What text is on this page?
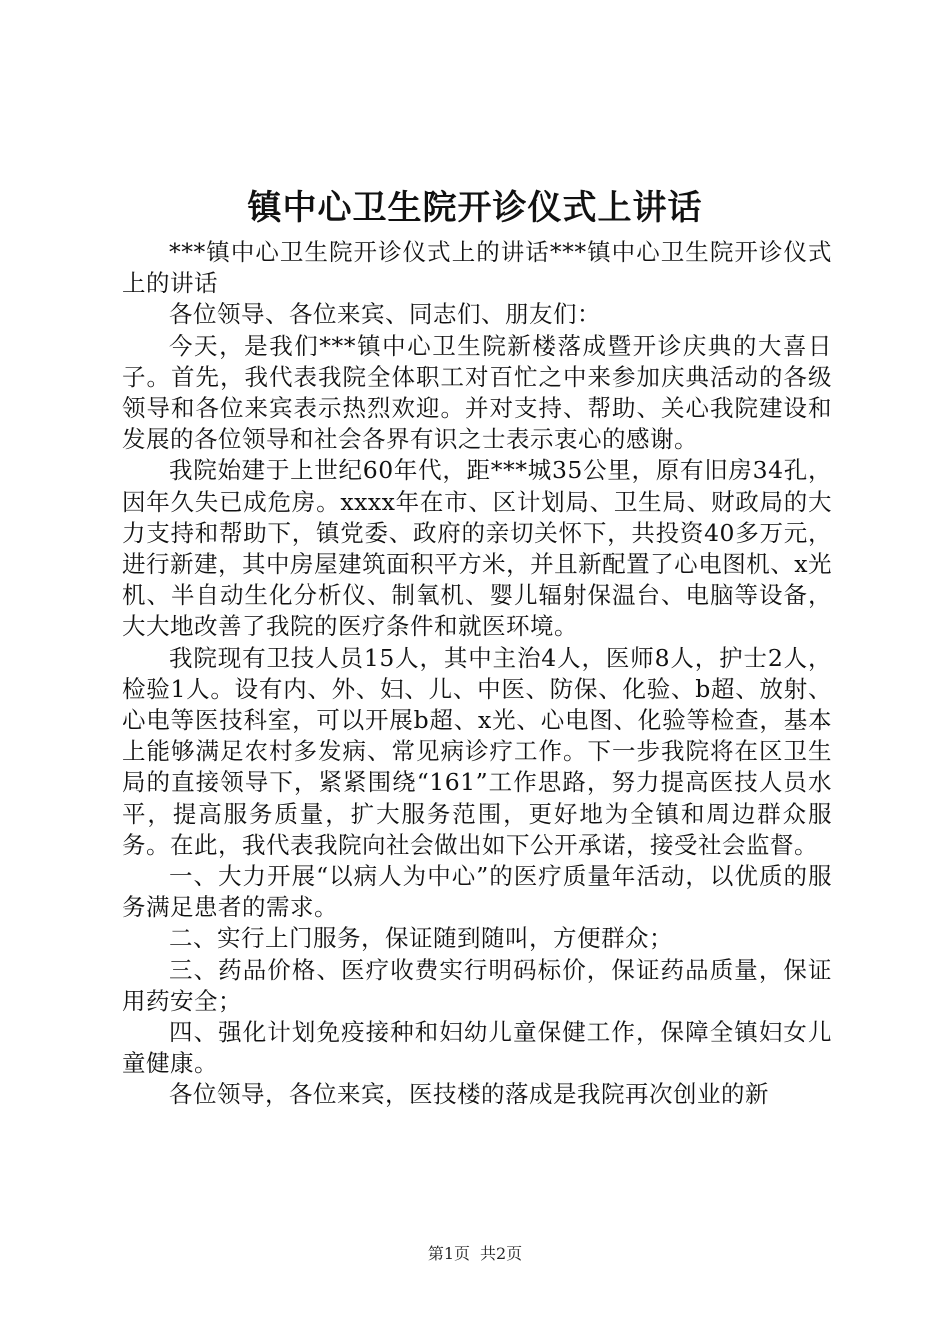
镇中心卫生院开诊仪式上讲话

***镇中心卫生院开诊仪式上的讲话***镇中心卫生院开诊仪式上的讲话

各位领导、各位来宾、同志们、朋友们：

今天，是我们***镇中心卫生院新楼落成暨开诊庆典的大喜日子。首先，我代表我院全体职工对百忙之中来参加庆典活动的各级领导和各位来宾表示热烈欢迎。并对支持、帮助、关心我院建设和发展的各位领导和社会各界有识之士表示衷心的感谢。

我院始建于上世纪60年代，距***城35公里，原有旧房34孔，因年久失已成危房。xxxx年在市、区计划局、卫生局、财政局的大力支持和帮助下，镇党委、政府的亲切关怀下，共投资40多万元，进行新建，其中房屋建筑面积平方米，并且新配置了心电图机、x光机、半自动生化分析仪、制氧机、婴儿辐射保温台、电脑等设备，大大地改善了我院的医疗条件和就医环境。

我院现有卫技人员15人，其中主治4人，医师8人，护士2人，检验1人。设有内、外、妇、儿、中医、防保、化验、b超、放射、心电等医技科室，可以开展b超、x光、心电图、化验等检查，基本上能够满足农村多发病、常见病诊疗工作。下一步我院将在区卫生局的直接领导下，紧紧围绕“161”工作思路，努力提高医技人员水平，提高服务质量，扩大服务范围，更好地为全镇和周边群众服务。在此，我代表我院向社会做出如下公开承诺，接受社会监督。

一、大力开展“以病人为中心”的医疗质量年活动，以优质的服务满足患者的需求。

二、实行上门服务，保证随到随叫，方便群众；

三、药品价格、医疗收费实行明码标价，保证药品质量，保证用药安全；

四、强化计划免疫接种和妇幼儿童保健工作，保障全镇妇女儿童健康。

各位领导，各位来宾，医技楼的落成是我院再次创业的新

第1页 共2页
